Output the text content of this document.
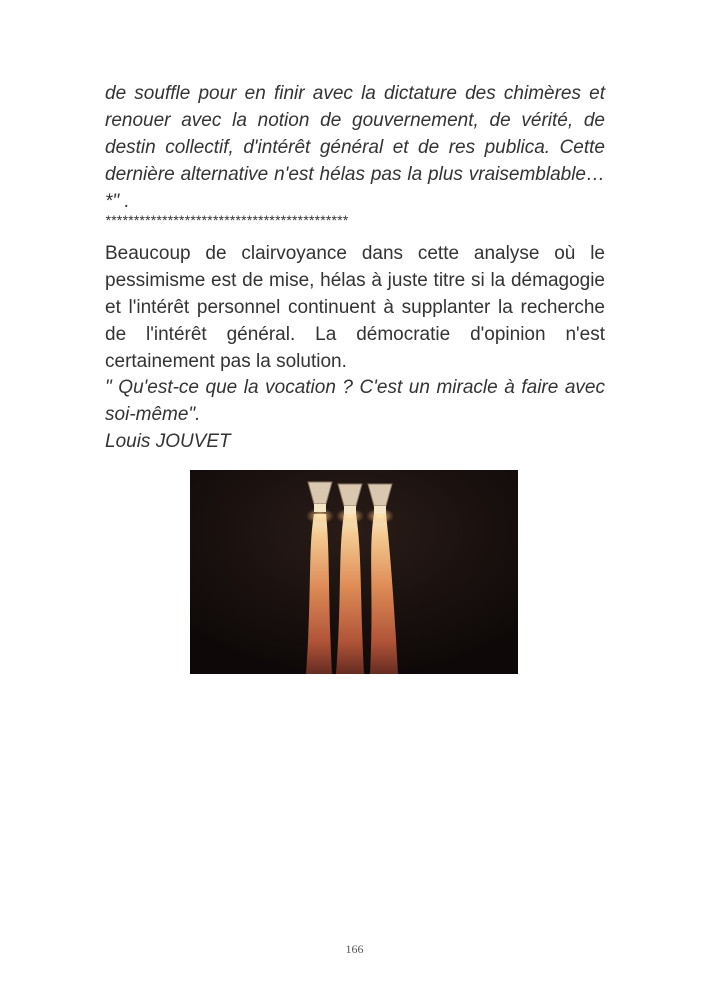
de souffle pour en finir avec la dictature des chimères et renouer avec la notion de gouvernement, de vérité, de destin collectif, d'intérêt général et de res publica. Cette dernière alternative n'est hélas pas la plus vraisemblable…*" .
*******************************************
Beaucoup de clairvoyance dans cette analyse où le pessimisme est de mise, hélas à juste titre si la démagogie et l'intérêt personnel continuent à supplanter la recherche de l'intérêt général. La démocratie d'opinion n'est certainement pas la solution.
" Qu'est-ce que la vocation ? C'est un miracle à faire avec soi-même".
Louis JOUVET
166
